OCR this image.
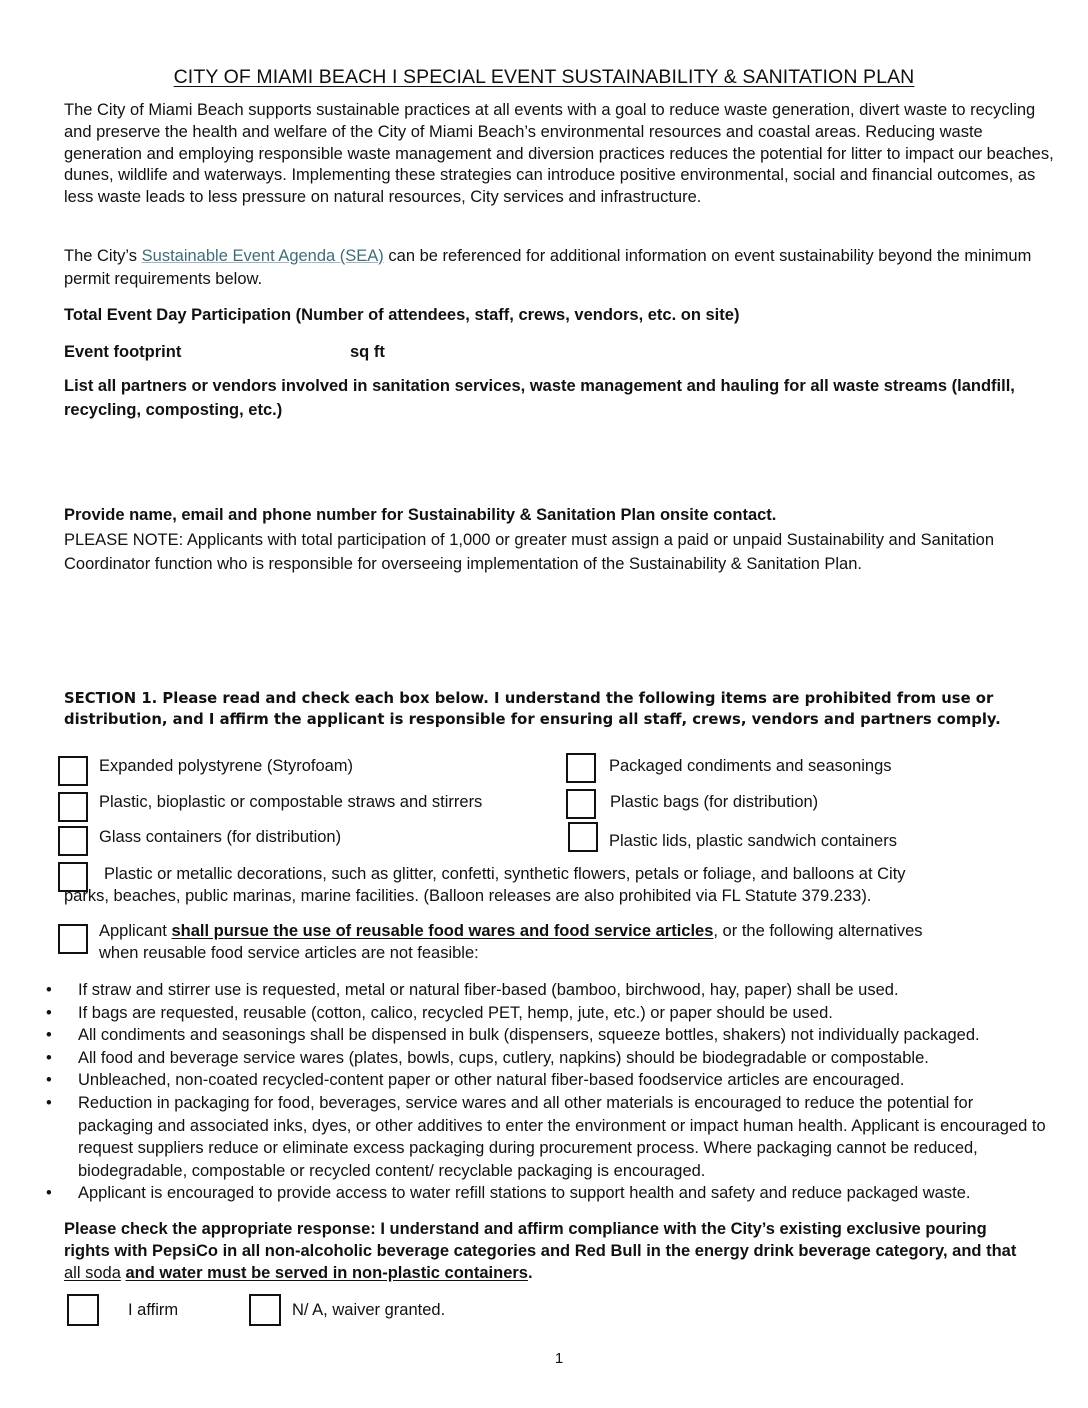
CITY OF MIAMI BEACH I SPECIAL EVENT SUSTAINABILITY & SANITATION PLAN
The City of Miami Beach supports sustainable practices at all events with a goal to reduce waste generation, divert waste to recycling and preserve the health and welfare of the City of Miami Beach’s environmental resources and coastal areas. Reducing waste generation and employing responsible waste management and diversion practices reduces the potential for litter to impact our beaches, dunes, wildlife and waterways. Implementing these strategies can introduce positive environmental, social and financial outcomes, as less waste leads to less pressure on natural resources, City services and infrastructure.
The City’s Sustainable Event Agenda (SEA) can be referenced for additional information on event sustainability beyond the minimum permit requirements below.
Total Event Day Participation (Number of attendees, staff, crews, vendors, etc. on site)
Event footprint	sq ft
List all partners or vendors involved in sanitation services, waste management and hauling for all waste streams (landfill, recycling, composting, etc.)
Provide name, email and phone number for Sustainability & Sanitation Plan onsite contact.
PLEASE NOTE: Applicants with total participation of 1,000 or greater must assign a paid or unpaid Sustainability and Sanitation Coordinator function who is responsible for overseeing implementation of the Sustainability & Sanitation Plan.
SECTION 1. Please read and check each box below. I understand the following items are prohibited from use or distribution, and I affirm the applicant is responsible for ensuring all staff, crews, vendors and partners comply.
Expanded polystyrene (Styrofoam)	Packaged condiments and seasonings
Plastic, bioplastic or compostable straws and stirrers	Plastic bags (for distribution)
Glass containers (for distribution)	Plastic lids, plastic sandwich containers
Plastic or metallic decorations, such as glitter, confetti, synthetic flowers, petals or foliage, and balloons at City
parks, beaches, public marinas, marine facilities. (Balloon releases are also prohibited via FL Statute 379.233).
Applicant shall pursue the use of reusable food wares and food service articles, or the following alternatives
when reusable food service articles are not feasible:
• If straw and stirrer use is requested, metal or natural fiber-based (bamboo, birchwood, hay, paper) shall be used.
• If bags are requested, reusable (cotton, calico, recycled PET, hemp, jute, etc.) or paper should be used.
• All condiments and seasonings shall be dispensed in bulk (dispensers, squeeze bottles, shakers) not individually packaged.
• All food and beverage service wares (plates, bowls, cups, cutlery, napkins) should be biodegradable or compostable.
• Unbleached, non-coated recycled-content paper or other natural fiber-based foodservice articles are encouraged.
• Reduction in packaging for food, beverages, service wares and all other materials is encouraged to reduce the potential for packaging and associated inks, dyes, or other additives to enter the environment or impact human health. Applicant is encouraged to request suppliers reduce or eliminate excess packaging during procurement process. Where packaging cannot be reduced, biodegradable, compostable or recycled content/ recyclable packaging is encouraged.
• Applicant is encouraged to provide access to water refill stations to support health and safety and reduce packaged waste.
Please check the appropriate response: I understand and affirm compliance with the City’s existing exclusive pouring rights with PepsiCo in all non-alcoholic beverage categories and Red Bull in the energy drink beverage category, and that all soda and water must be served in non-plastic containers.
I affirm	N/ A, waiver granted.
1
